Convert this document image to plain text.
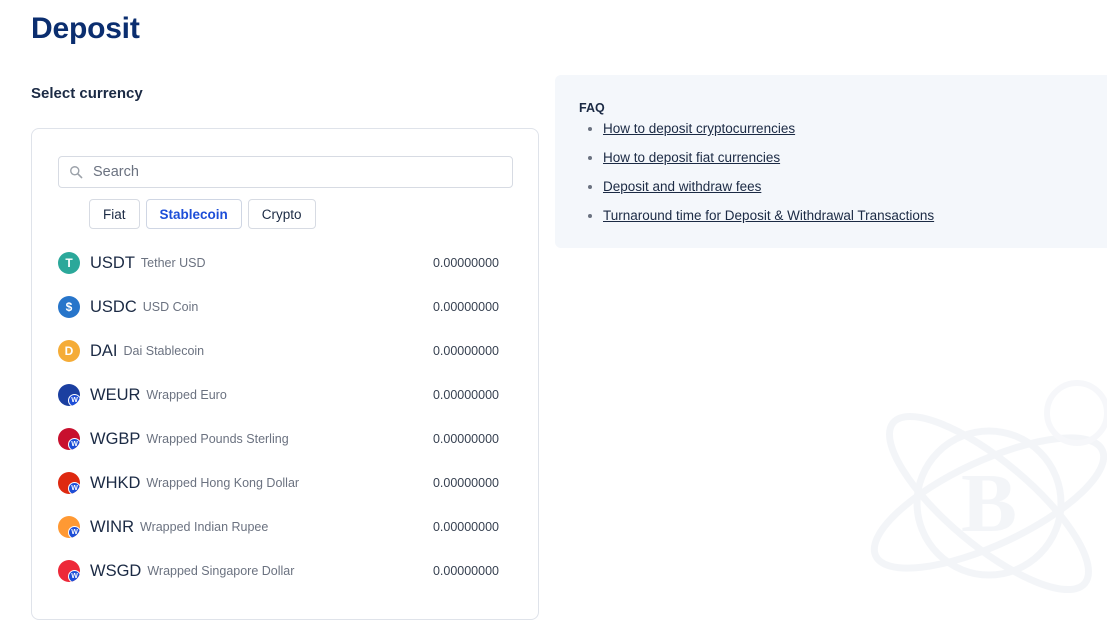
B
Deposit
Select currency
Search
Fiat	Stablecoin	Crypto
T	USDT Tether USD	0.00000000
$	USDC USD Coin	0.00000000
D	DAI Dai Stablecoin	0.00000000
W WEUR Wrapped Euro	0.00000000
W WGBP Wrapped Pounds Sterling	0.00000000
W WHKD Wrapped Hong Kong Dollar	0.00000000
W WINR Wrapped Indian Rupee	0.00000000
W WSGD Wrapped Singapore Dollar	0.00000000
FAQ
• How to deposit cryptocurrencies
• How to deposit fiat currencies
• Deposit and withdraw fees
• Turnaround time for Deposit & Withdrawal Transactions
